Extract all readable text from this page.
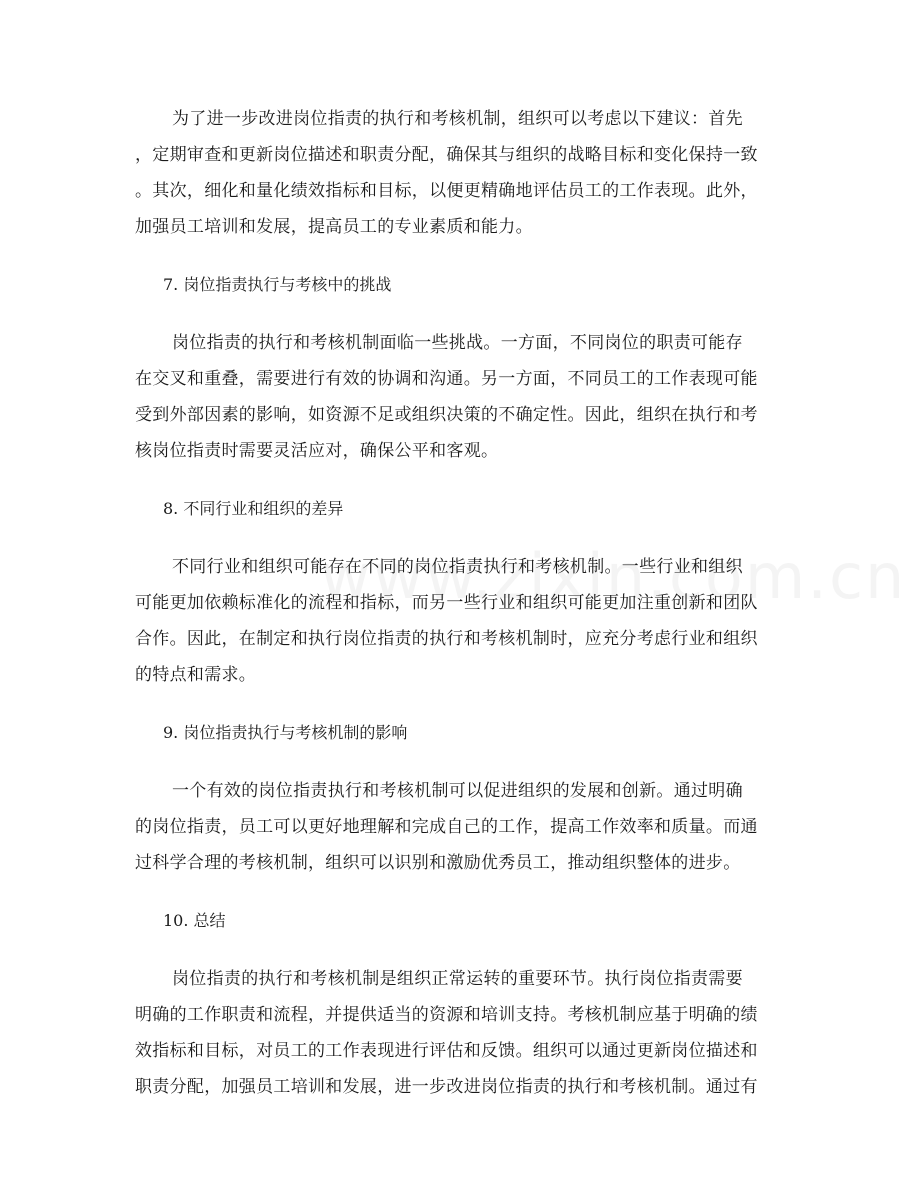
为了进一步改进岗位指责的执行和考核机制，组织可以考虑以下建议：首先
，定期审查和更新岗位描述和职责分配，确保其与组织的战略目标和变化保持一致
。其次，细化和量化绩效指标和目标，以便更精确地评估员工的工作表现。此外，
加强员工培训和发展，提高员工的专业素质和能力。

7. 岗位指责执行与考核中的挑战

岗位指责的执行和考核机制面临一些挑战。一方面，不同岗位的职责可能存
在交叉和重叠，需要进行有效的协调和沟通。另一方面，不同员工的工作表现可能
受到外部因素的影响，如资源不足或组织决策的不确定性。因此，组织在执行和考
核岗位指责时需要灵活应对，确保公平和客观。

8. 不同行业和组织的差异

不同行业和组织可能存在不同的岗位指责执行和考核机制。一些行业和组织
可能更加依赖标准化的流程和指标，而另一些行业和组织可能更加注重创新和团队
合作。因此，在制定和执行岗位指责的执行和考核机制时，应充分考虑行业和组织
的特点和需求。

9. 岗位指责执行与考核机制的影响

一个有效的岗位指责执行和考核机制可以促进组织的发展和创新。通过明确
的岗位指责，员工可以更好地理解和完成自己的工作，提高工作效率和质量。而通
过科学合理的考核机制，组织可以识别和激励优秀员工，推动组织整体的进步。

10. 总结

岗位指责的执行和考核机制是组织正常运转的重要环节。执行岗位指责需要
明确的工作职责和流程，并提供适当的资源和培训支持。考核机制应基于明确的绩
效指标和目标，对员工的工作表现进行评估和反馈。组织可以通过更新岗位描述和
职责分配，加强员工培训和发展，进一步改进岗位指责的执行和考核机制。通过有
